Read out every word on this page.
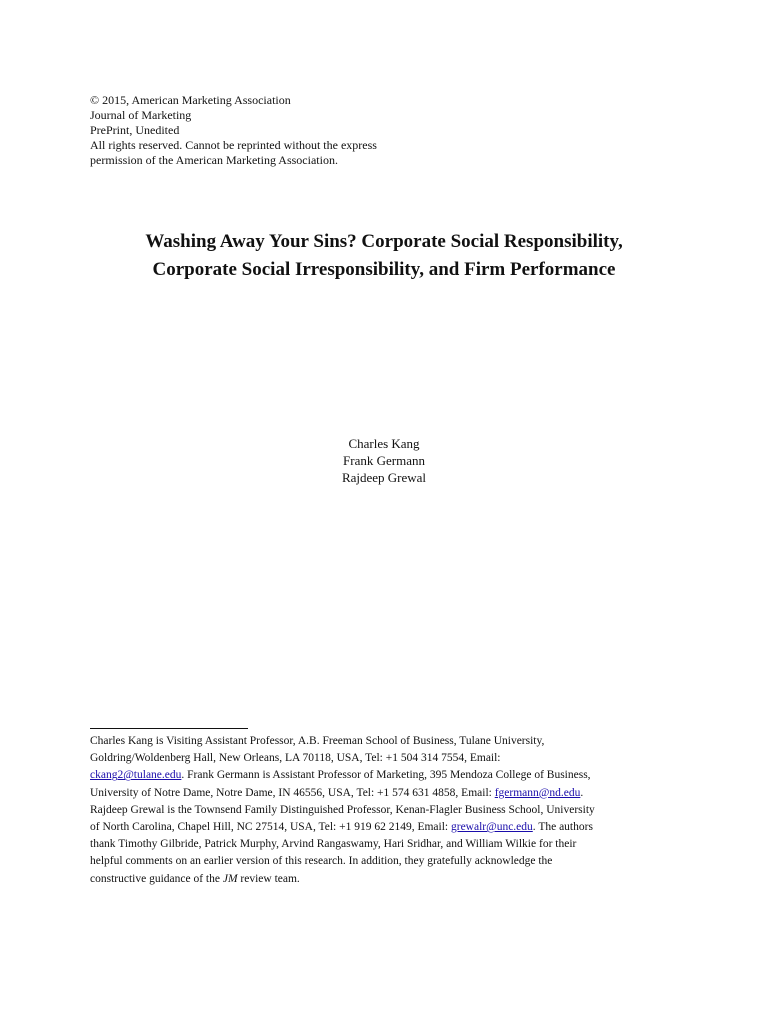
© 2015, American Marketing Association
Journal of Marketing
PrePrint, Unedited
All rights reserved. Cannot be reprinted without the express
permission of the American Marketing Association.
Washing Away Your Sins? Corporate Social Responsibility,
Corporate Social Irresponsibility, and Firm Performance
Charles Kang
Frank Germann
Rajdeep Grewal
Charles Kang is Visiting Assistant Professor, A.B. Freeman School of Business, Tulane University,
Goldring/Woldenberg Hall, New Orleans, LA 70118, USA, Tel: +1 504 314 7554, Email:
ckang2@tulane.edu. Frank Germann is Assistant Professor of Marketing, 395 Mendoza College of Business,
University of Notre Dame, Notre Dame, IN 46556, USA, Tel: +1 574 631 4858, Email: fgermann@nd.edu.
Rajdeep Grewal is the Townsend Family Distinguished Professor, Kenan-Flagler Business School, University
of North Carolina, Chapel Hill, NC 27514, USA, Tel: +1 919 62 2149, Email: grewalr@unc.edu. The authors
thank Timothy Gilbride, Patrick Murphy, Arvind Rangaswamy, Hari Sridhar, and William Wilkie for their
helpful comments on an earlier version of this research. In addition, they gratefully acknowledge the
constructive guidance of the JM review team.
